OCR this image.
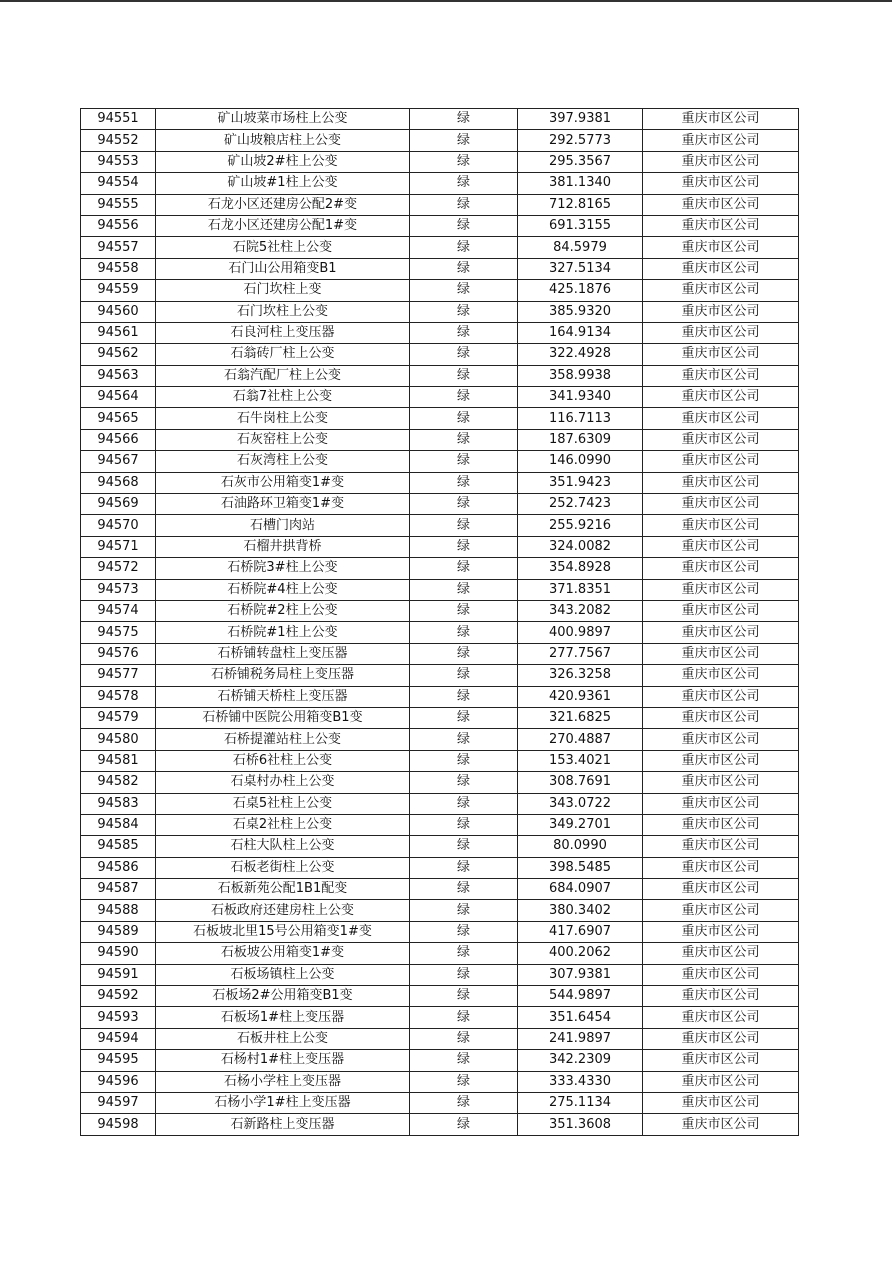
94551	矿山坡菜市场柱上公变	绿	397.9381	重庆市区公司
94552	矿山坡粮店柱上公变	绿	292.5773	重庆市区公司
94553	矿山坡2#柱上公变	绿	295.3567	重庆市区公司
94554	矿山坡#1柱上公变	绿	381.1340	重庆市区公司
94555	石龙小区还建房公配2#变	绿	712.8165	重庆市区公司
94556	石龙小区还建房公配1#变	绿	691.3155	重庆市区公司
94557	石院5社柱上公变	绿	84.5979	重庆市区公司
94558	石门山公用箱变B1	绿	327.5134	重庆市区公司
94559	石门坎柱上变	绿	425.1876	重庆市区公司
94560	石门坎柱上公变	绿	385.9320	重庆市区公司
94561	石良河柱上变压器	绿	164.9134	重庆市区公司
94562	石翁砖厂柱上公变	绿	322.4928	重庆市区公司
94563	石翁汽配厂柱上公变	绿	358.9938	重庆市区公司
94564	石翁7社柱上公变	绿	341.9340	重庆市区公司
94565	石牛岗柱上公变	绿	116.7113	重庆市区公司
94566	石灰窑柱上公变	绿	187.6309	重庆市区公司
94567	石灰湾柱上公变	绿	146.0990	重庆市区公司
94568	石灰市公用箱变1#变	绿	351.9423	重庆市区公司
94569	石油路环卫箱变1#变	绿	252.7423	重庆市区公司
94570	石槽门肉站	绿	255.9216	重庆市区公司
94571	石榴井拱背桥	绿	324.0082	重庆市区公司
94572	石桥院3#柱上公变	绿	354.8928	重庆市区公司
94573	石桥院#4柱上公变	绿	371.8351	重庆市区公司
94574	石桥院#2柱上公变	绿	343.2082	重庆市区公司
94575	石桥院#1柱上公变	绿	400.9897	重庆市区公司
94576	石桥铺转盘柱上变压器	绿	277.7567	重庆市区公司
94577	石桥铺税务局柱上变压器	绿	326.3258	重庆市区公司
94578	石桥铺天桥柱上变压器	绿	420.9361	重庆市区公司
94579	石桥铺中医院公用箱变B1变	绿	321.6825	重庆市区公司
94580	石桥提灌站柱上公变	绿	270.4887	重庆市区公司
94581	石桥6社柱上公变	绿	153.4021	重庆市区公司
94582	石桌村办柱上公变	绿	308.7691	重庆市区公司
94583	石桌5社柱上公变	绿	343.0722	重庆市区公司
94584	石桌2社柱上公变	绿	349.2701	重庆市区公司
94585	石柱大队柱上公变	绿	80.0990	重庆市区公司
94586	石板老街柱上公变	绿	398.5485	重庆市区公司
94587	石板新苑公配1B1配变	绿	684.0907	重庆市区公司
94588	石板政府还建房柱上公变	绿	380.3402	重庆市区公司
94589	石板坡北里15号公用箱变1#变	绿	417.6907	重庆市区公司
94590	石板坡公用箱变1#变	绿	400.2062	重庆市区公司
94591	石板场镇柱上公变	绿	307.9381	重庆市区公司
94592	石板场2#公用箱变B1变	绿	544.9897	重庆市区公司
94593	石板场1#柱上变压器	绿	351.6454	重庆市区公司
94594	石板井柱上公变	绿	241.9897	重庆市区公司
94595	石杨村1#柱上变压器	绿	342.2309	重庆市区公司
94596	石杨小学柱上变压器	绿	333.4330	重庆市区公司
94597	石杨小学1#柱上变压器	绿	275.1134	重庆市区公司
94598	石新路柱上变压器	绿	351.3608	重庆市区公司
